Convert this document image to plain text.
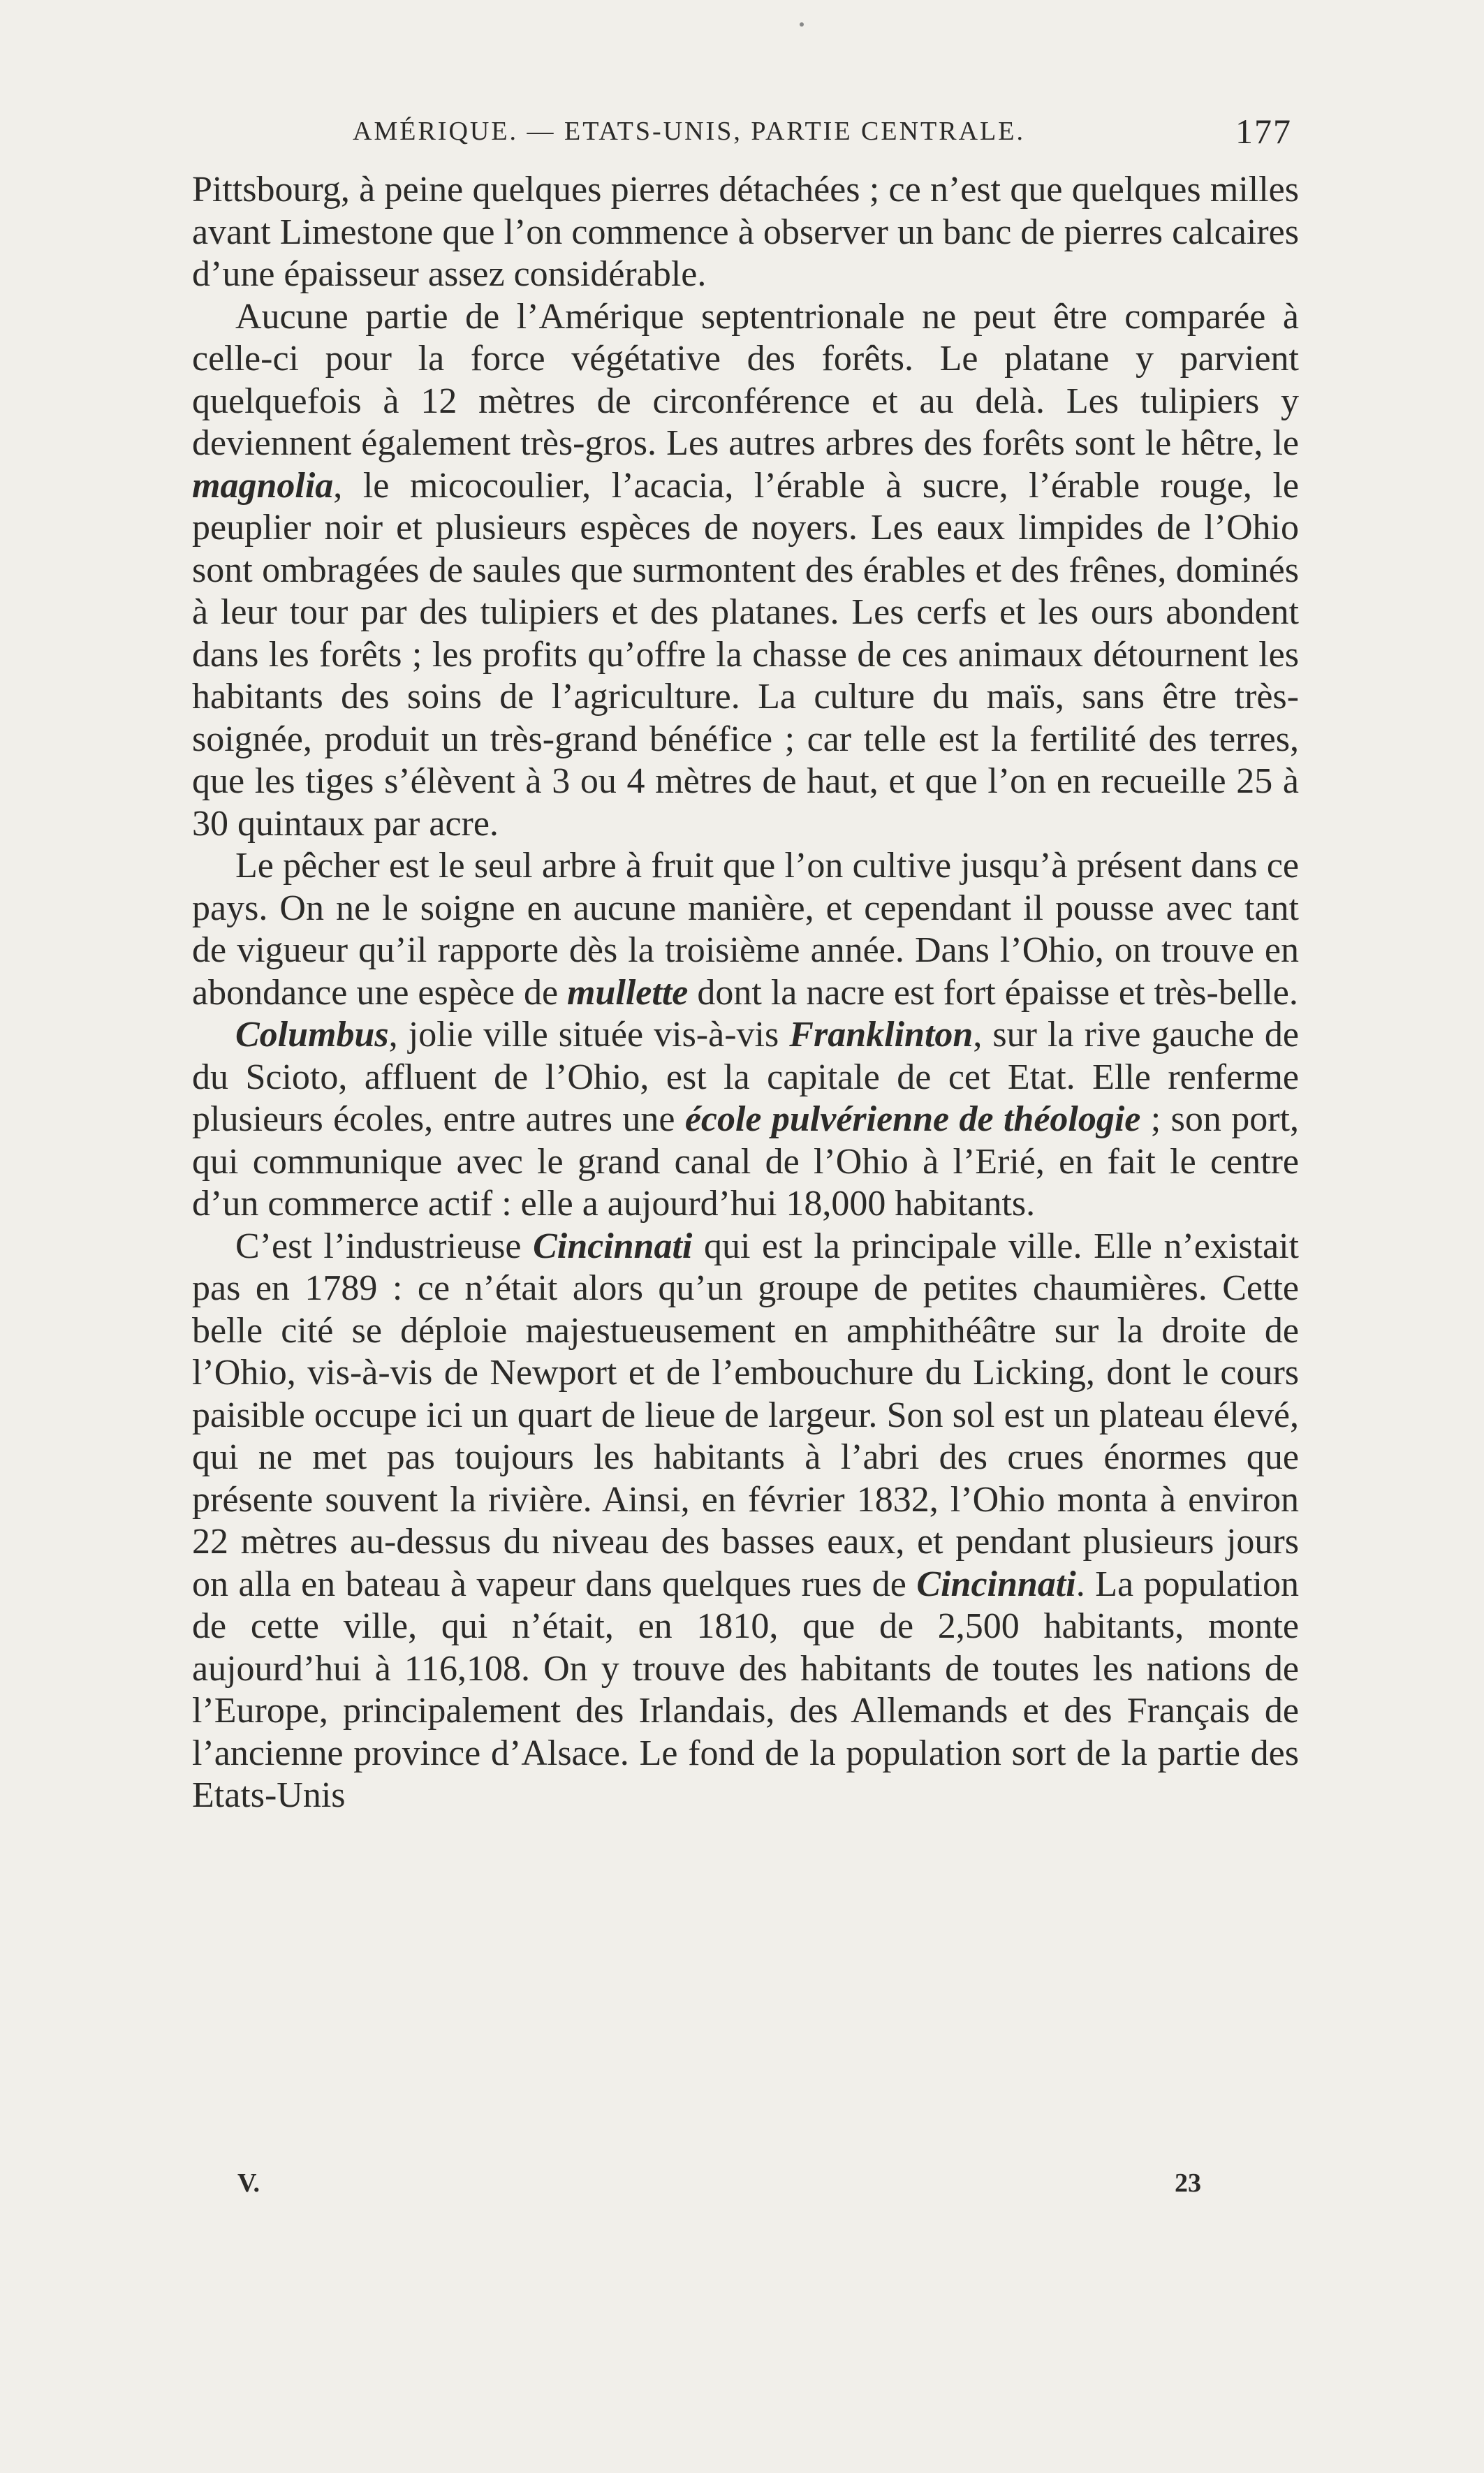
AMÉRIQUE. — ETATS-UNIS, PARTIE CENTRALE.	177

Pittsbourg, à peine quelques pierres détachées ; ce n’est que quelques milles avant Limestone que l’on commence à observer un banc de pierres calcaires d’une épaisseur assez considérable.

Aucune partie de l’Amérique septentrionale ne peut être comparée à celle-ci pour la force végétative des forêts. Le platane y parvient quelquefois à 12 mètres de circonférence et au delà. Les tulipiers y deviennent également très-gros. Les autres arbres des forêts sont le hêtre, le magnolia, le micocoulier, l’acacia, l’érable à sucre, l’érable rouge, le peuplier noir et plusieurs espèces de noyers. Les eaux limpides de l’Ohio sont ombragées de saules que surmontent des érables et des frênes, dominés à leur tour par des tulipiers et des platanes. Les cerfs et les ours abondent dans les forêts ; les profits qu’offre la chasse de ces animaux détournent les habitants des soins de l’agriculture. La culture du maïs, sans être très-soignée, produit un très-grand bénéfice ; car telle est la fertilité des terres, que les tiges s’élèvent à 3 ou 4 mètres de haut, et que l’on en recueille 25 à 30 quintaux par acre.

Le pêcher est le seul arbre à fruit que l’on cultive jusqu’à présent dans ce pays. On ne le soigne en aucune manière, et cependant il pousse avec tant de vigueur qu’il rapporte dès la troisième année. Dans l’Ohio, on trouve en abondance une espèce de mullette dont la nacre est fort épaisse et très-belle.

Columbus, jolie ville située vis-à-vis Franklinton, sur la rive gauche de du Scioto, affluent de l’Ohio, est la capitale de cet Etat. Elle renferme plusieurs écoles, entre autres une école pulvérienne de théologie ; son port, qui communique avec le grand canal de l’Ohio à l’Erié, en fait le centre d’un commerce actif : elle a aujourd’hui 18,000 habitants.

C’est l’industrieuse Cincinnati qui est la principale ville. Elle n’existait pas en 1789 : ce n’était alors qu’un groupe de petites chaumières. Cette belle cité se déploie majestueusement en amphithéâtre sur la droite de l’Ohio, vis-à-vis de Newport et de l’embouchure du Licking, dont le cours paisible occupe ici un quart de lieue de largeur. Son sol est un plateau élevé, qui ne met pas toujours les habitants à l’abri des crues énormes que présente souvent la rivière. Ainsi, en février 1832, l’Ohio monta à environ 22 mètres au-dessus du niveau des basses eaux, et pendant plusieurs jours on alla en bateau à vapeur dans quelques rues de Cincinnati. La population de cette ville, qui n’était, en 1810, que de 2,500 habitants, monte aujourd’hui à 116,108. On y trouve des habitants de toutes les nations de l’Europe, principalement des Irlandais, des Allemands et des Français de l’ancienne province d’Alsace. Le fond de la population sort de la partie des Etats-Unis

V.	23
